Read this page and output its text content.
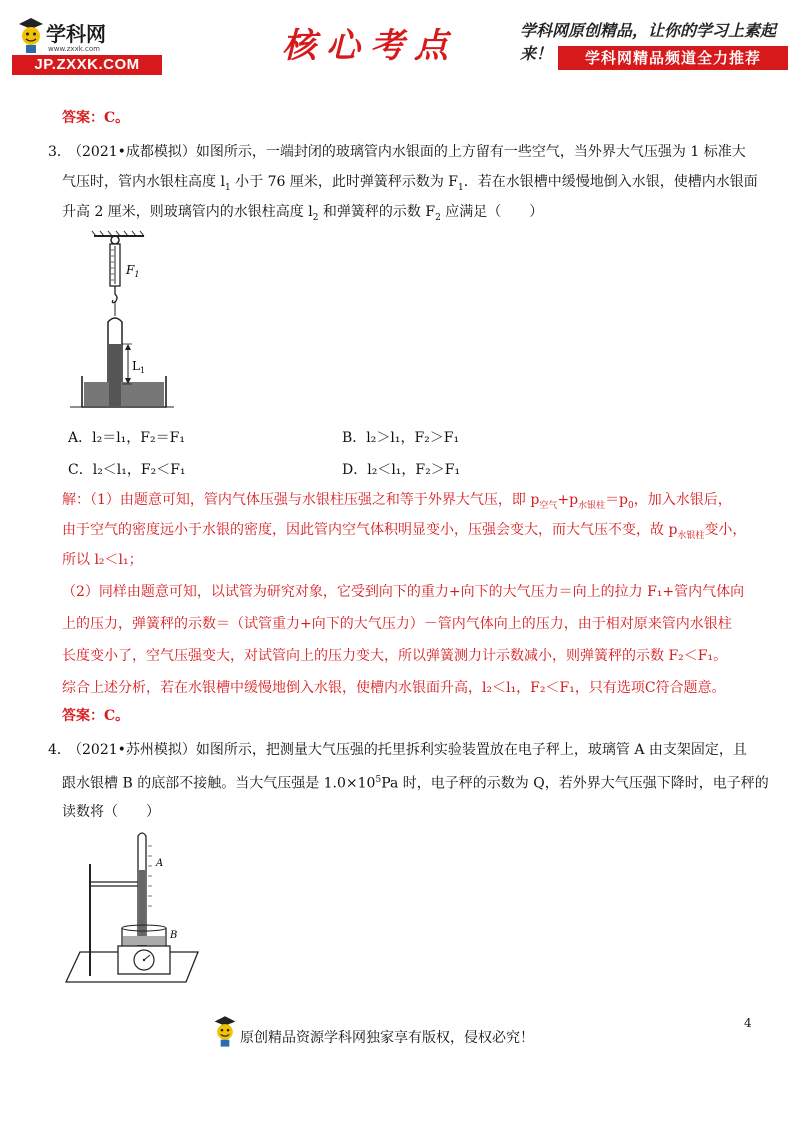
学科网
www.zxxk.com
JP.ZXXK.COM	核心考点	学科网原创精品，让你的学习上素起来！	学科网精品频道全力推荐
答案：C。
3．
（2021•成都模拟）如图所示，一端封闭的玻璃管内水银面的上方留有一些空气，当外界大气压强为 1 标准大
气压时，管内水银柱高度 $l_1$ 小于 76 厘米，此时弹簧秤示数为 $F_1$．若在水银槽中缓慢地倒入水银，使槽内水银面
升高 2 厘米，则玻璃管内的水银柱高度 $l_2$ 和弹簧秤的示数 $F_2$ 应满足（　　）
$L_1$
$F_1$
A．l₂＝l₁，F₂＝F₁	B．l₂＞l₁，F₂＞F₁
C．l₂＜l₁，F₂＜F₁	D．l₂＜l₁，F₂＞F₁
解：（1）由题意可知，管内气体压强与水银柱压强之和等于外界大气压，即 $p_{空气}+p_{水银柱}=p_0$，加入水银后，
由于空气的密度远小于水银的密度，因此管内空气体积明显变小，压强会变大，而大气压不变，故 $p_{水银柱}$变小，
所以 l₂＜l₁；
（2）同样由题意可知，以试管为研究对象，它受到向下的重力+向下的大气压力＝向上的拉力 F₁+管内气体向
上的压力，弹簧秤的示数＝（试管重力+向下的大气压力）－管内气体向上的压力，由于相对原来管内水银柱
长度变小了，空气压强变大，对试管向上的压力变大，所以弹簧测力计示数减小，则弹簧秤的示数 F₂＜F₁。
综合上述分析，若在水银槽中缓慢地倒入水银，使槽内水银面升高，l₂＜l₁，F₂＜F₁，只有选项C符合题意。
答案：C。
4．
（2021•苏州模拟）如图所示，把测量大气压强的托里拆利实验装置放在电子秤上，玻璃管 A 由支架固定，且
跟水银槽 B 的底部不接触。当大气压强是 $1.0\times 10^5Pa$ 时，电子秤的示数为 Q，若外界大气压强下降时，电子秤的
读数将（　　）
A
B
4
原创精品资源学科网独家享有版权，侵权必究！
